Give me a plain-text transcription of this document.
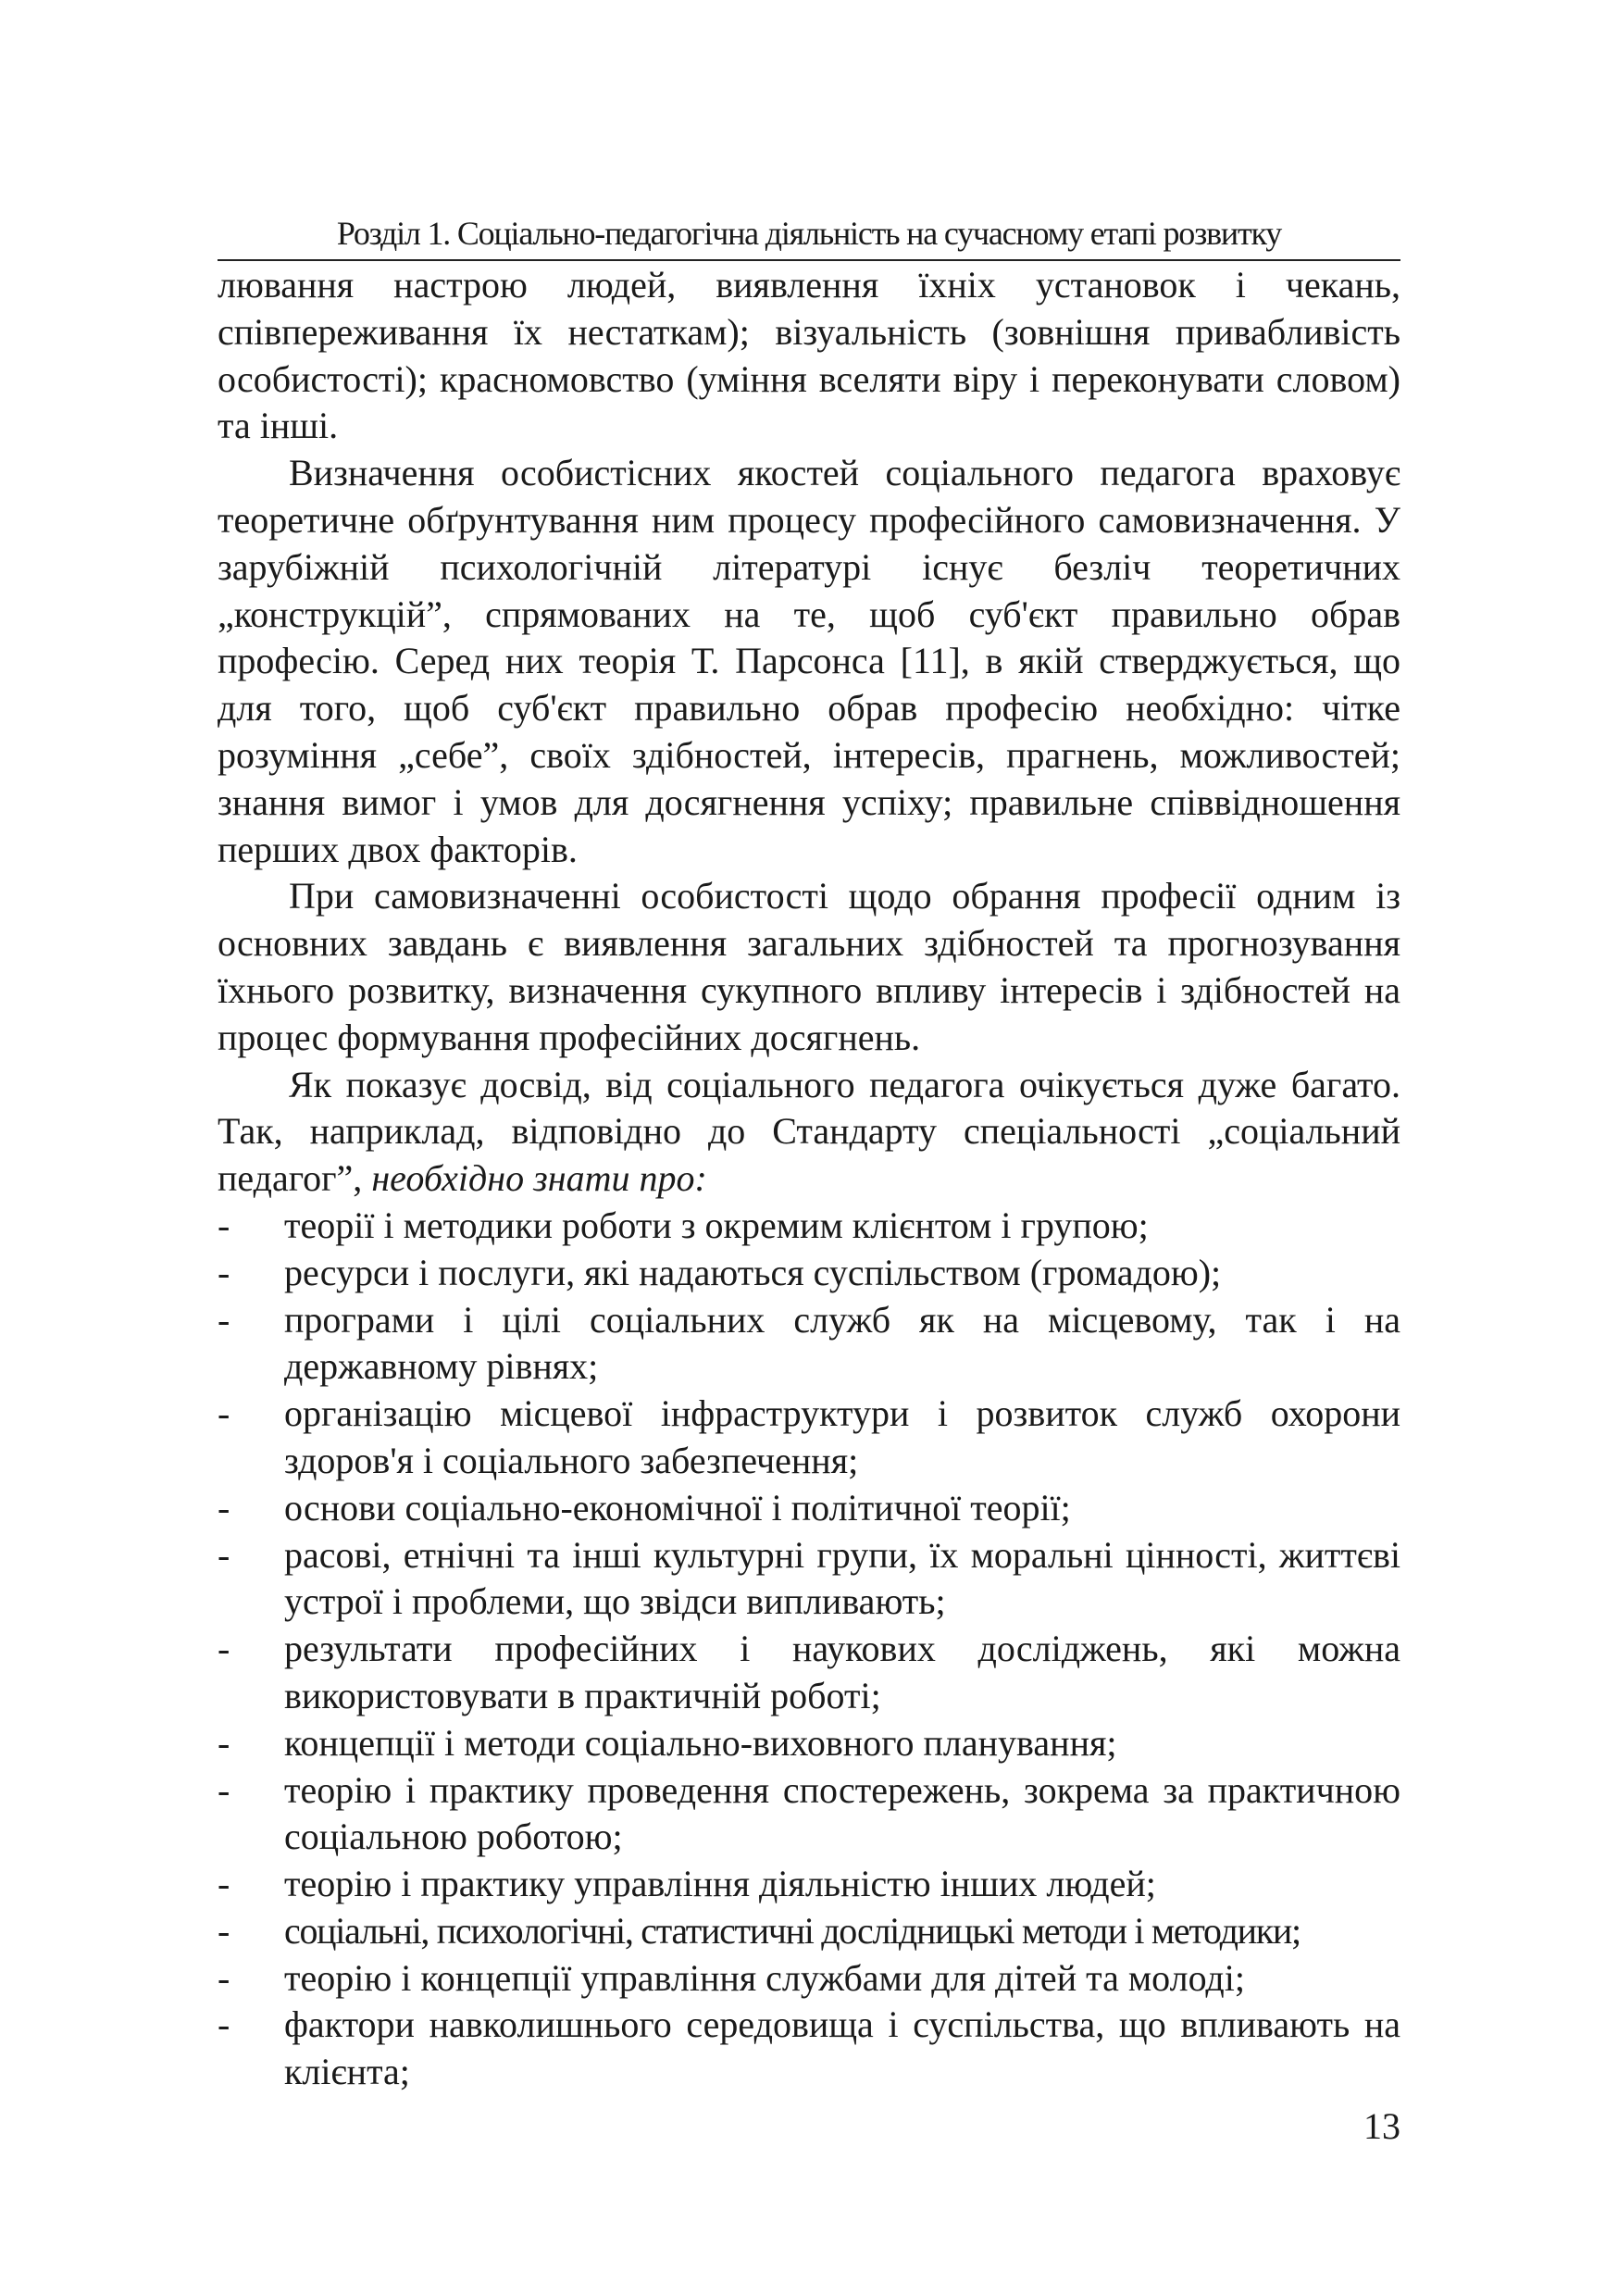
Розділ 1. Соціально-педагогічна діяльність на сучасному етапі розвитку

лювання настрою людей, виявлення їхніх установок і чекань, співпереживання їх нестаткам); візуальність (зовнішня привабливість особистості); красномовство (уміння вселяти віру і переконувати словом) та інші.

Визначення особистісних якостей соціального педагога враховує теоретичне обґрунтування ним процесу професійного самовизначення. У зарубіжній психологічній літературі існує безліч теоретичних „конструкцій”, спрямованих на те, щоб суб'єкт правильно обрав професію. Серед них теорія Т. Парсонса [11], в якій стверджується, що для того, щоб суб'єкт правильно обрав професію необхідно: чітке розуміння „себе”, своїх здібностей, інтересів, прагнень, можливостей; знання вимог і умов для досягнення успіху; правильне співвідношення перших двох факторів.

При самовизначенні особистості щодо обрання професії одним із основних завдань є виявлення загальних здібностей та прогнозування їхнього розвитку, визначення сукупного впливу інтересів і здібностей на процес формування професійних досягнень.

Як показує досвід, від соціального педагога очікується дуже багато. Так, наприклад, відповідно до Стандарту спеціальності „соціальний педагог”, необхідно знати про:

- теорії і методики роботи з окремим клієнтом і групою;
- ресурси і послуги, які надаються суспільством (громадою);
- програми і цілі соціальних служб як на місцевому, так і на державному рівнях;
- організацію місцевої інфраструктури і розвиток служб охорони здоров'я і соціального забезпечення;
- основи соціально-економічної і політичної теорії;
- расові, етнічні та інші культурні групи, їх моральні цінності, життєві устрої і проблеми, що звідси випливають;
- результати професійних і наукових досліджень, які можна використовувати в практичній роботі;
- концепції і методи соціально-виховного планування;
- теорію і практику проведення спостережень, зокрема за практичною соціальною роботою;
- теорію і практику управління діяльністю інших людей;
- соціальні, психологічні, статистичні дослідницькі методи і методики;
- теорію і концепції управління службами для дітей та молоді;
- фактори навколишнього середовища і суспільства, що впливають на клієнта;
13
